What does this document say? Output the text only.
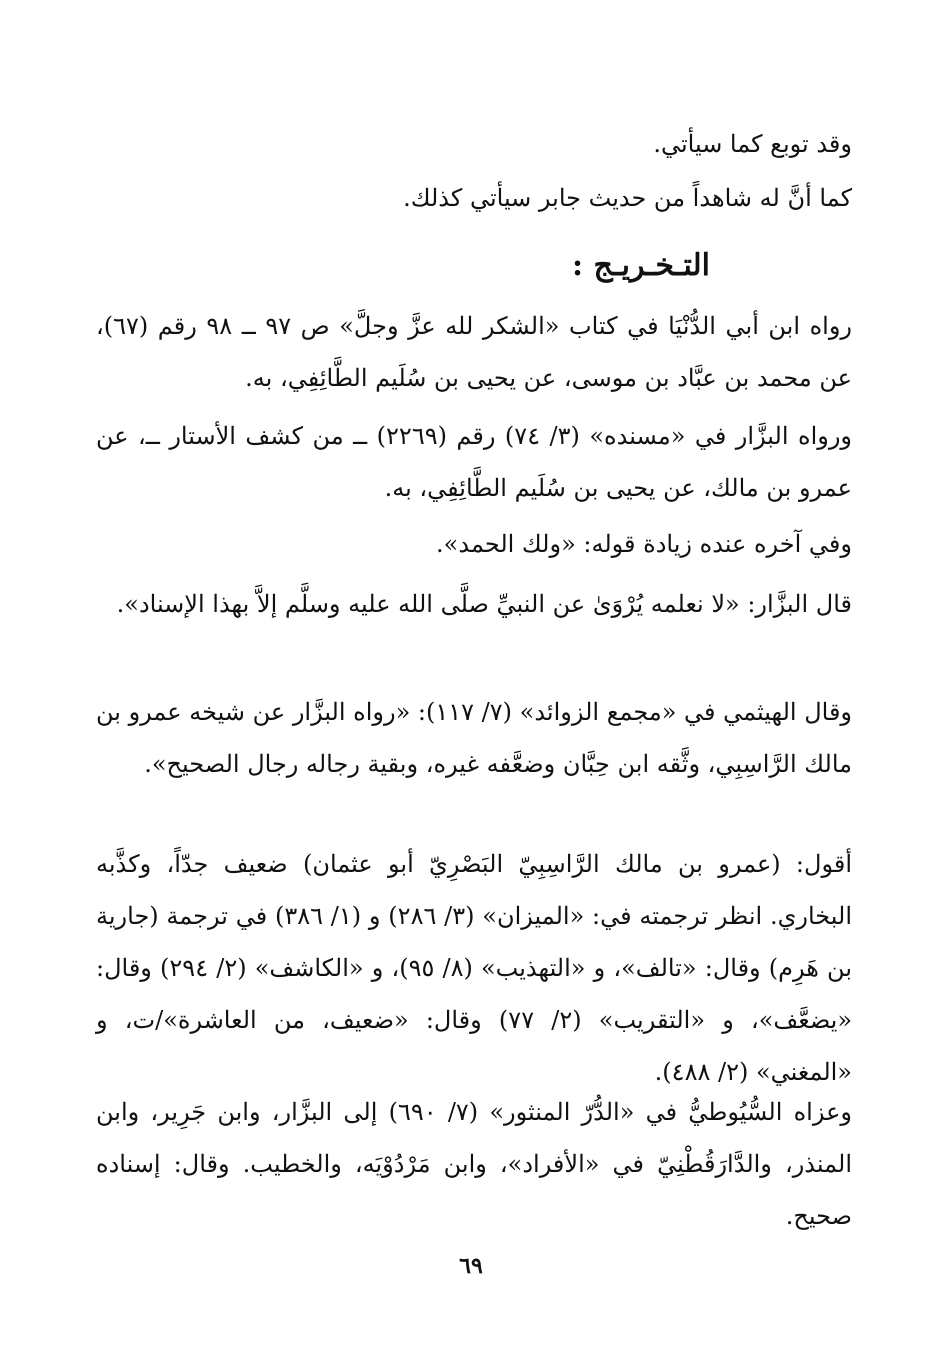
وقد توبع كما سيأتي.

كما أنَّ له شاهداً من حديث جابر سيأتي كذلك.

التـخـريـج :

رواه ابن أبي الدُّنْيَا في كتاب «الشكر لله عزَّ وجلَّ» ص ٩٧ ــ ٩٨ رقم (٦٧)، عن محمد بن عبَّاد بن موسى، عن يحيى بن سُلَيم الطَّائِفِي، به.

ورواه البزَّار في «مسنده» (٣/ ٧٤) رقم (٢٢٦٩) ــ من كشف الأستار ــ، عن عمرو بن مالك، عن يحيى بن سُلَيم الطَّائِفِي، به.

وفي آخره عنده زيادة قوله: «ولك الحمد».

قال البزَّار: «لا نعلمه يُرْوَىٰ عن النبيِّ صلَّى الله عليه وسلَّم إلاَّ بهذا الإسناد».

وقال الهيثمي في «مجمع الزوائد» (٧/ ١١٧): «رواه البزَّار عن شيخه عمرو بن مالك الرَّاسِبِي، وثَّقه ابن حِبَّان وضعَّفه غيره، وبقية رجاله رجال الصحيح».

أقول: (عمرو بن مالك الرَّاسِبِيّ البَصْرِيّ أبو عثمان) ضعيف جدّاً، وكذَّبه البخاري. انظر ترجمته في: «الميزان» (٣/ ٢٨٦) و (١/ ٣٨٦) في ترجمة (جارية بن هَرِم) وقال: «تالف»، و «التهذيب» (٨/ ٩٥)، و «الكاشف» (٢/ ٢٩٤) وقال: «يضعَّف»، و «التقريب» (٢/ ٧٧) وقال: «ضعيف، من العاشرة»/ت، و «المغني» (٢/ ٤٨٨).

وعزاه السُّيُوطيُّ في «الدُّرّ المنثور» (٧/ ٦٩٠) إلى البزَّار، وابن جَرِير، وابن المنذر، والدَّارَقُطْنِيّ في «الأفراد»، وابن مَرْدُوْيَه، والخطيب. وقال: إسناده صحيح.

٦٩
